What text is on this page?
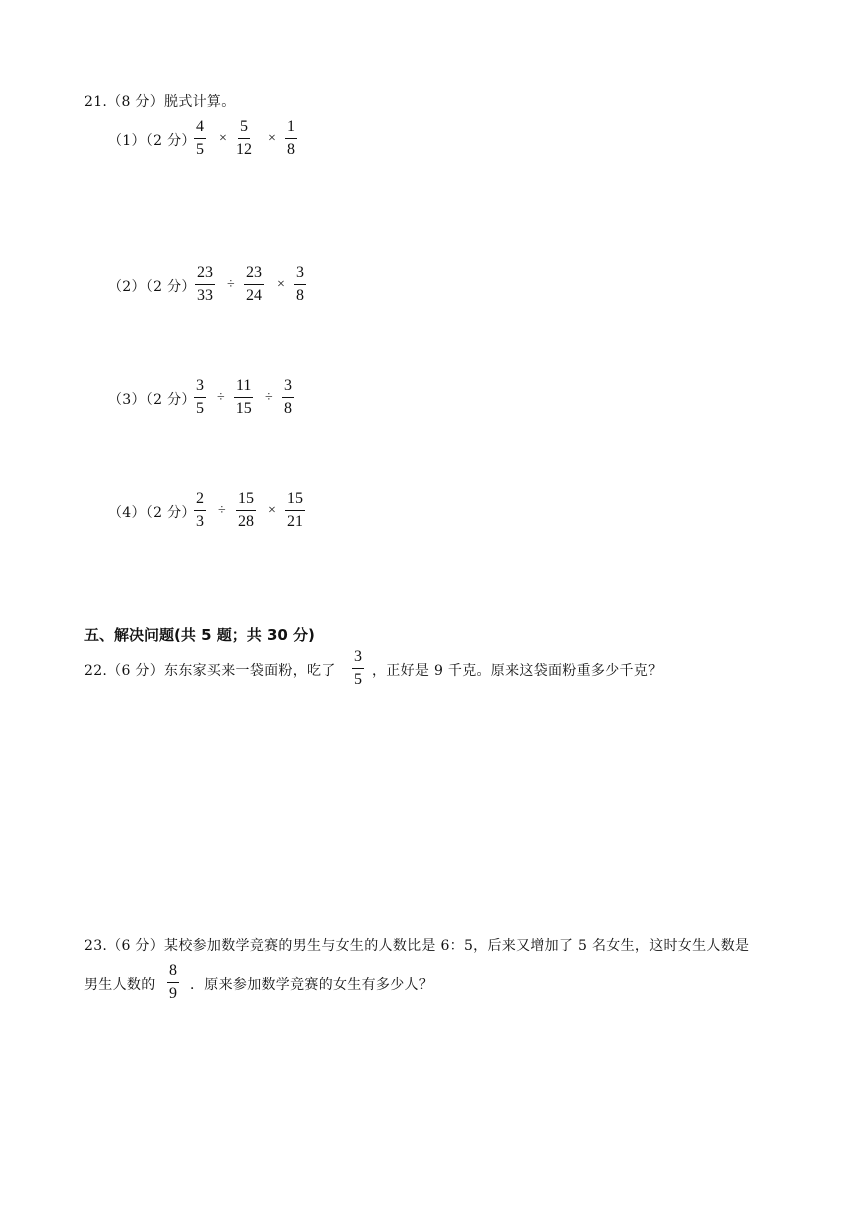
21.（8 分）脱式计算。
（1）（2 分）
$\frac{4}{5} \times \frac{5}{12} \times \frac{1}{8}$
（2）（2 分） $\frac{23}{33} \div \frac{23}{24} \times \frac{3}{8}$
（3）（2 分）
$\frac{3}{5} \div \frac{11}{15} \div \frac{3}{8}$
（4）（2 分）
$\frac{2}{3} \div \frac{15}{28} \times \frac{15}{21}$
五、解决问题(共 5 题；共 30 分)
22.（6 分）东东家买来一袋面粉，吃了 $\frac{3}{5}$ ，正好是 9 千克。原来这袋面粉重多少千克？
23.（6 分）某校参加数学竞赛的男生与女生的人数比是 6：5，后来又增加了 5 名女生，这时女生人数是
男生人数的 $\frac{8}{9}$ ．原来参加数学竞赛的女生有多少人？
